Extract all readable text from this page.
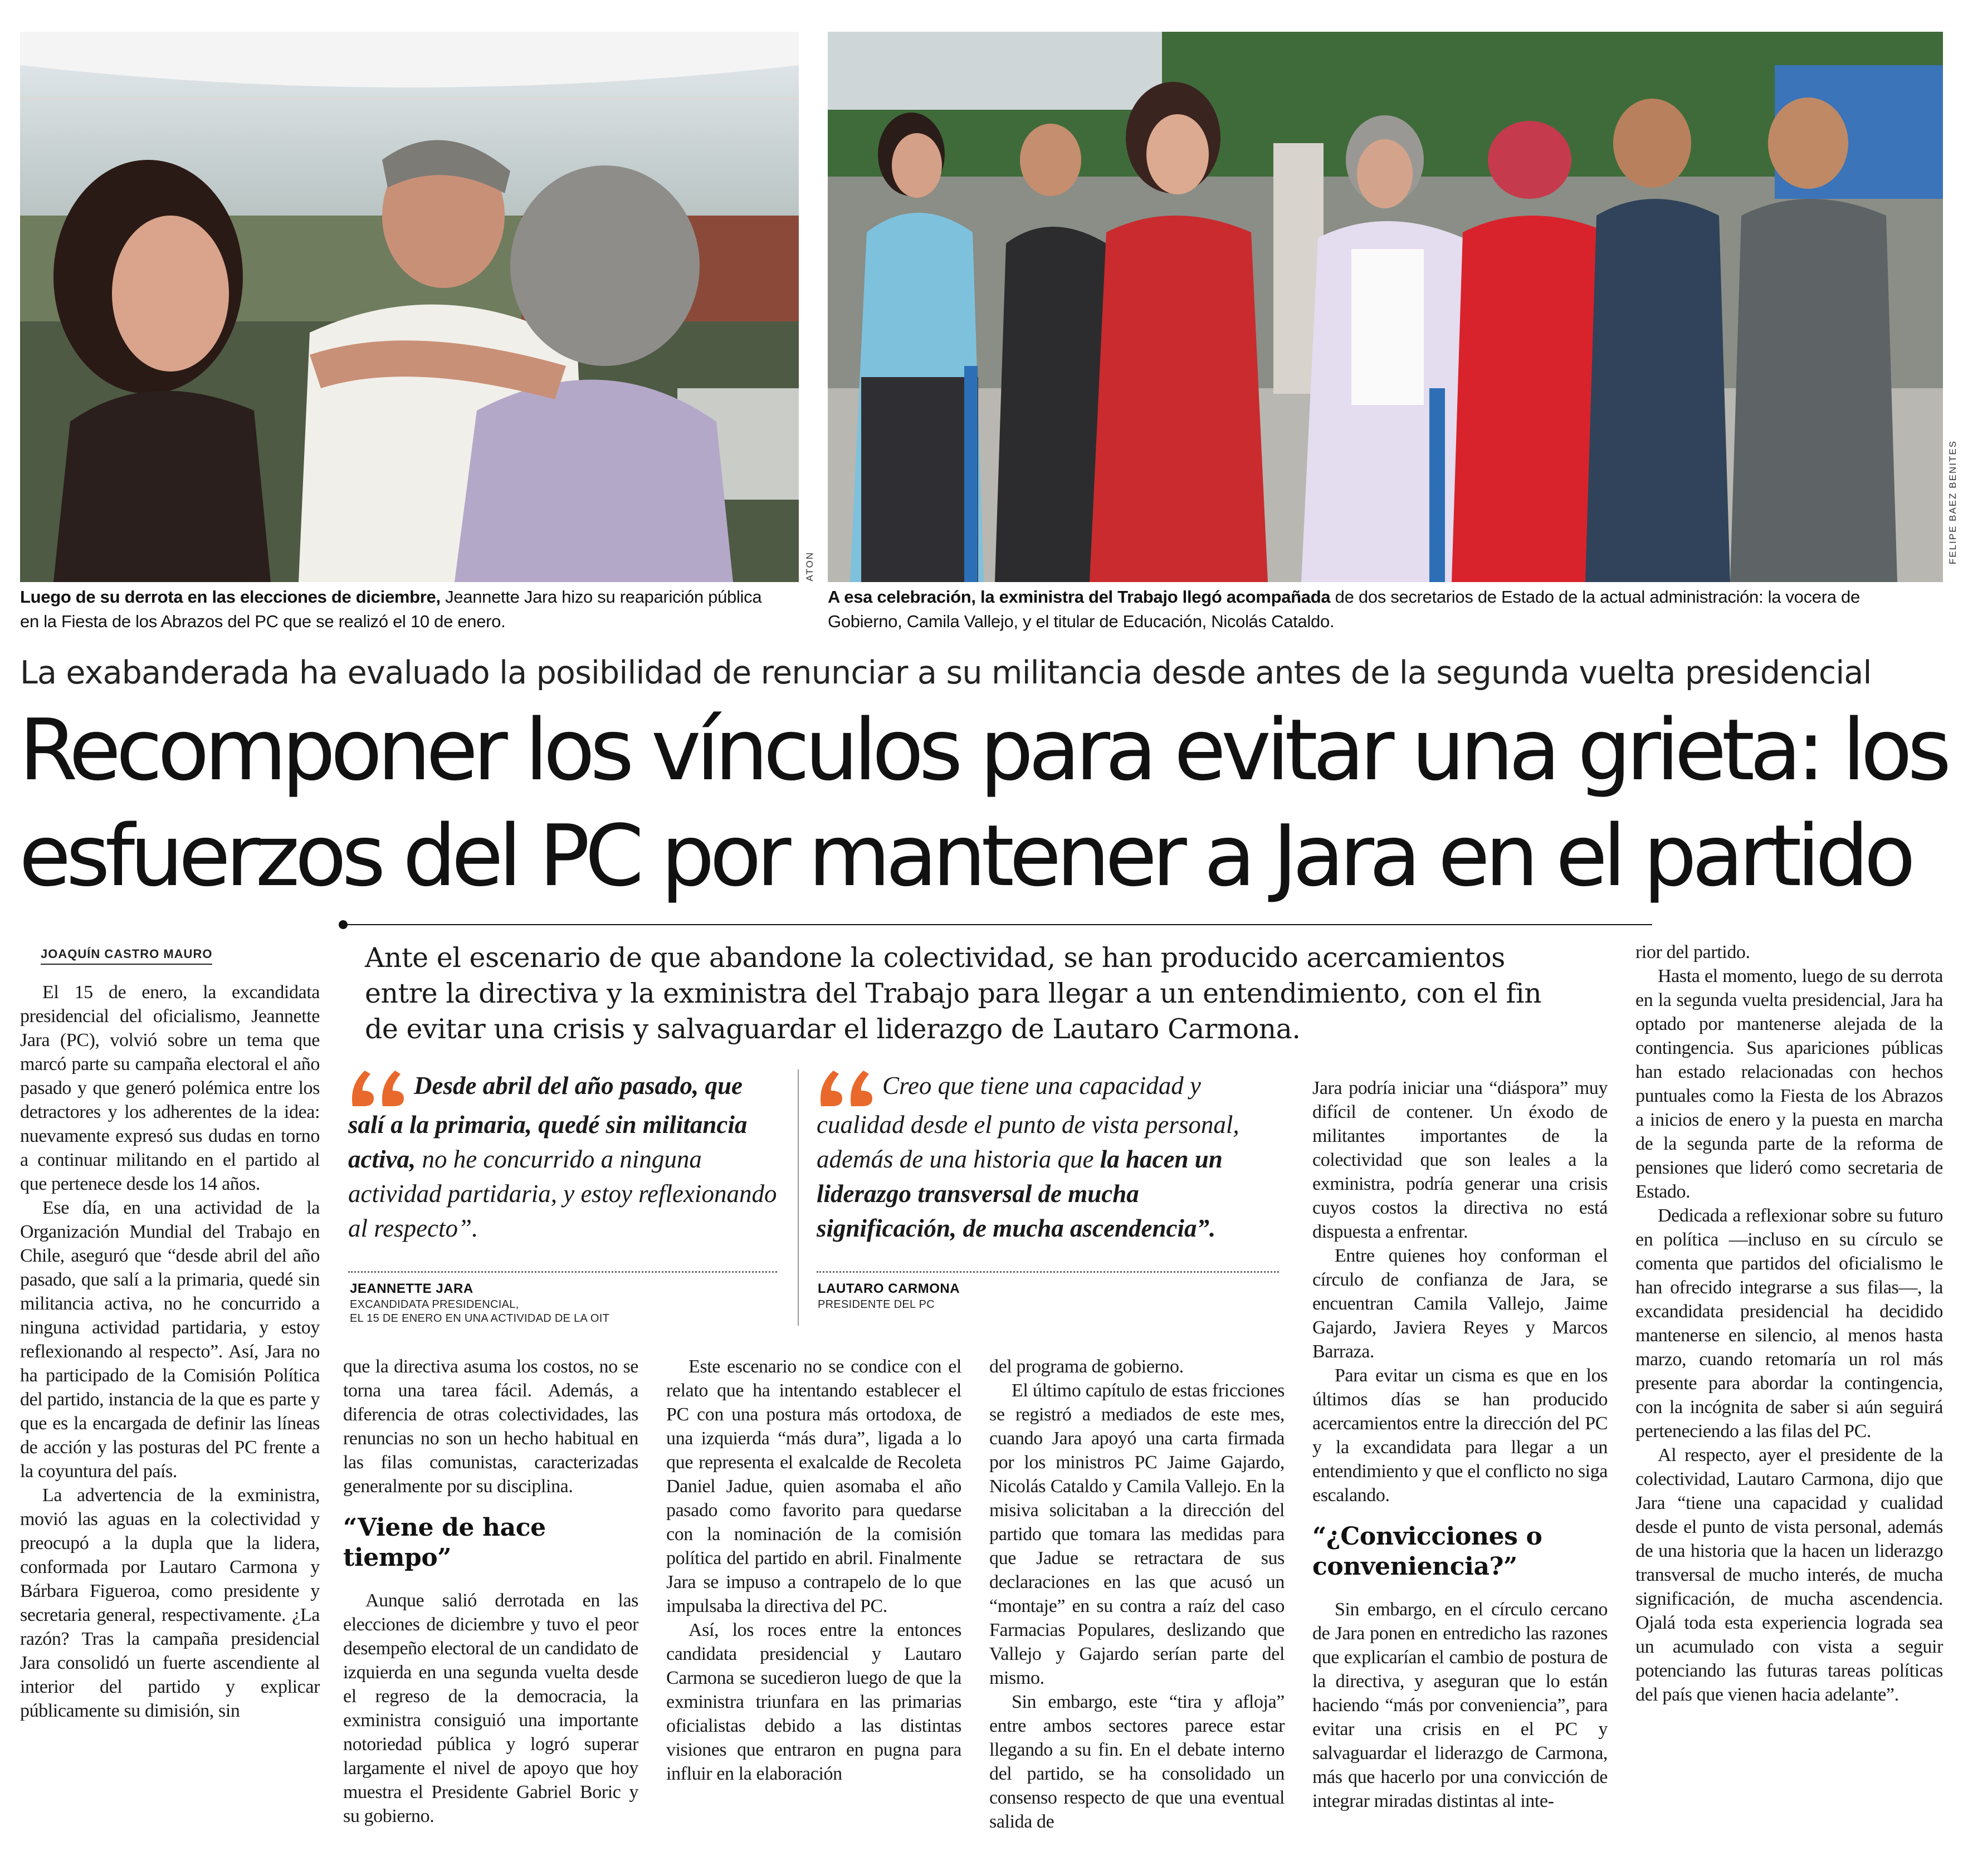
ATON
FELIPE BAEZ BENITES
Luego de su derrota en las elecciones de diciembre, Jeannette Jara hizo su reaparición pública
en la Fiesta de los Abrazos del PC que se realizó el 10 de enero.
A esa celebración, la exministra del Trabajo llegó acompañada de dos secretarios de Estado de la actual administración: la vocera de
Gobierno, Camila Vallejo, y el titular de Educación, Nicolás Cataldo.
La exabanderada ha evaluado la posibilidad de renunciar a su militancia desde antes de la segunda vuelta presidencial
Recomponer los vínculos para evitar una grieta: los
esfuerzos del PC por mantener a Jara en el partido
JOAQUÍN CASTRO MAURO	Ante el escenario de que abandone la colectividad, se han producido acercamientos
entre la directiva y la exministra del Trabajo para llegar a un entendimiento, con el fin
de evitar una crisis y salvaguardar el liderazgo de Lautaro Carmona.
Desde abril del año pasado, que salí a la primaria, quedé sin militancia activa, no he concurrido a ninguna actividad partidaria, y estoy reflexionando al respecto”.
JEANNETTE JARA
EXCANDIDATA PRESIDENCIAL,
EL 15 DE ENERO EN UNA ACTIVIDAD DE LA OIT
Creo que tiene una capacidad y cualidad desde el punto de vista personal, además de una historia que la hacen un liderazgo transversal de mucha significación, de mucha ascendencia”.
LAUTARO CARMONA
PRESIDENTE DEL PC

El 15 de enero, la excandidata presidencial del oficialismo, Jeannette Jara (PC), volvió sobre un tema que marcó parte su campaña electoral el año pasado y que generó polémica entre los detractores y los adherentes de la idea: nuevamente expresó sus dudas en torno a continuar militando en el partido al que pertenece desde los 14 años.

Ese día, en una actividad de la Organización Mundial del Trabajo en Chile, aseguró que “desde abril del año pasado, que salí a la primaria, quedé sin militancia activa, no he concurrido a ninguna actividad partidaria, y estoy reflexionando al respecto”. Así, Jara no ha participado de la Comisión Política del partido, instancia de la que es parte y que es la encargada de definir las líneas de acción y las posturas del PC frente a la coyuntura del país.

La advertencia de la exministra, movió las aguas en la colectividad y preocupó a la dupla que la lidera, conformada por Lautaro Carmona y Bárbara Figueroa, como presidente y secretaria general, respectivamente. ¿La razón? Tras la campaña presidencial Jara consolidó un fuerte ascendiente al interior del partido y explicar públicamente su dimisión, sin

que la directiva asuma los costos, no se torna una tarea fácil. Además, a diferencia de otras colectividades, las renuncias no son un hecho habitual en las filas comunistas, caracterizadas generalmente por su disciplina.

“Viene de hace tiempo”

Aunque salió derrotada en las elecciones de diciembre y tuvo el peor desempeño electoral de un candidato de izquierda en una segunda vuelta desde el regreso de la democracia, la exministra consiguió una importante notoriedad pública y logró superar largamente el nivel de apoyo que hoy muestra el Presidente Gabriel Boric y su gobierno.

Este escenario no se condice con el relato que ha intentando establecer el PC con una postura más ortodoxa, de una izquierda “más dura”, ligada a lo que representa el exalcalde de Recoleta Daniel Jadue, quien asomaba el año pasado como favorito para quedarse con la nominación de la comisión política del partido en abril. Finalmente Jara se impuso a contrapelo de lo que impulsaba la directiva del PC.

Así, los roces entre la entonces candidata presidencial y Lautaro Carmona se sucedieron luego de que la exministra triunfara en las primarias oficialistas debido a las distintas visiones que entraron en pugna para influir en la elaboración

del programa de gobierno.

El último capítulo de estas fricciones se registró a mediados de este mes, cuando Jara apoyó una carta firmada por los ministros PC Jaime Gajardo, Nicolás Cataldo y Camila Vallejo. En la misiva solicitaban a la dirección del partido que tomara las medidas para que Jadue se retractara de sus declaraciones en las que acusó un “montaje” en su contra a raíz del caso Farmacias Populares, deslizando que Vallejo y Gajardo serían parte del mismo.

Sin embargo, este “tira y afloja” entre ambos sectores parece estar llegando a su fin. En el debate interno del partido, se ha consolidado un consenso respecto de que una eventual salida de

Jara podría iniciar una “diáspora” muy difícil de contener. Un éxodo de militantes importantes de la colectividad que son leales a la exministra, podría generar una crisis cuyos costos la directiva no está dispuesta a enfrentar.

Entre quienes hoy conforman el círculo de confianza de Jara, se encuentran Camila Vallejo, Jaime Gajardo, Javiera Reyes y Marcos Barraza.

Para evitar un cisma es que en los últimos días se han producido acercamientos entre la dirección del PC y la excandidata para llegar a un entendimiento y que el conflicto no siga escalando.

“¿Convicciones o conveniencia?”

Sin embargo, en el círculo cercano de Jara ponen en entredicho las razones que explicarían el cambio de postura de la directiva, y aseguran que lo están haciendo “más por conveniencia”, para evitar una crisis en el PC y salvaguardar el liderazgo de Carmona, más que hacerlo por una convicción de integrar miradas distintas al inte-

rior del partido.

Hasta el momento, luego de su derrota en la segunda vuelta presidencial, Jara ha optado por mantenerse alejada de la contingencia. Sus apariciones públicas han estado relacionadas con hechos puntuales como la Fiesta de los Abrazos a inicios de enero y la puesta en marcha de la segunda parte de la reforma de pensiones que lideró como secretaria de Estado.

Dedicada a reflexionar sobre su futuro en política —incluso en su círculo se comenta que partidos del oficialismo le han ofrecido integrarse a sus filas—, la excandidata presidencial ha decidido mantenerse en silencio, al menos hasta marzo, cuando retomaría un rol más presente para abordar la contingencia, con la incógnita de saber si aún seguirá perteneciendo a las filas del PC.

Al respecto, ayer el presidente de la colectividad, Lautaro Carmona, dijo que Jara “tiene una capacidad y cualidad desde el punto de vista personal, además de una historia que la hacen un liderazgo transversal de mucho interés, de mucha significación, de mucha ascendencia. Ojalá toda esta experiencia lograda sea un acumulado con vista a seguir potenciando las futuras tareas políticas del país que vienen hacia adelante”.
